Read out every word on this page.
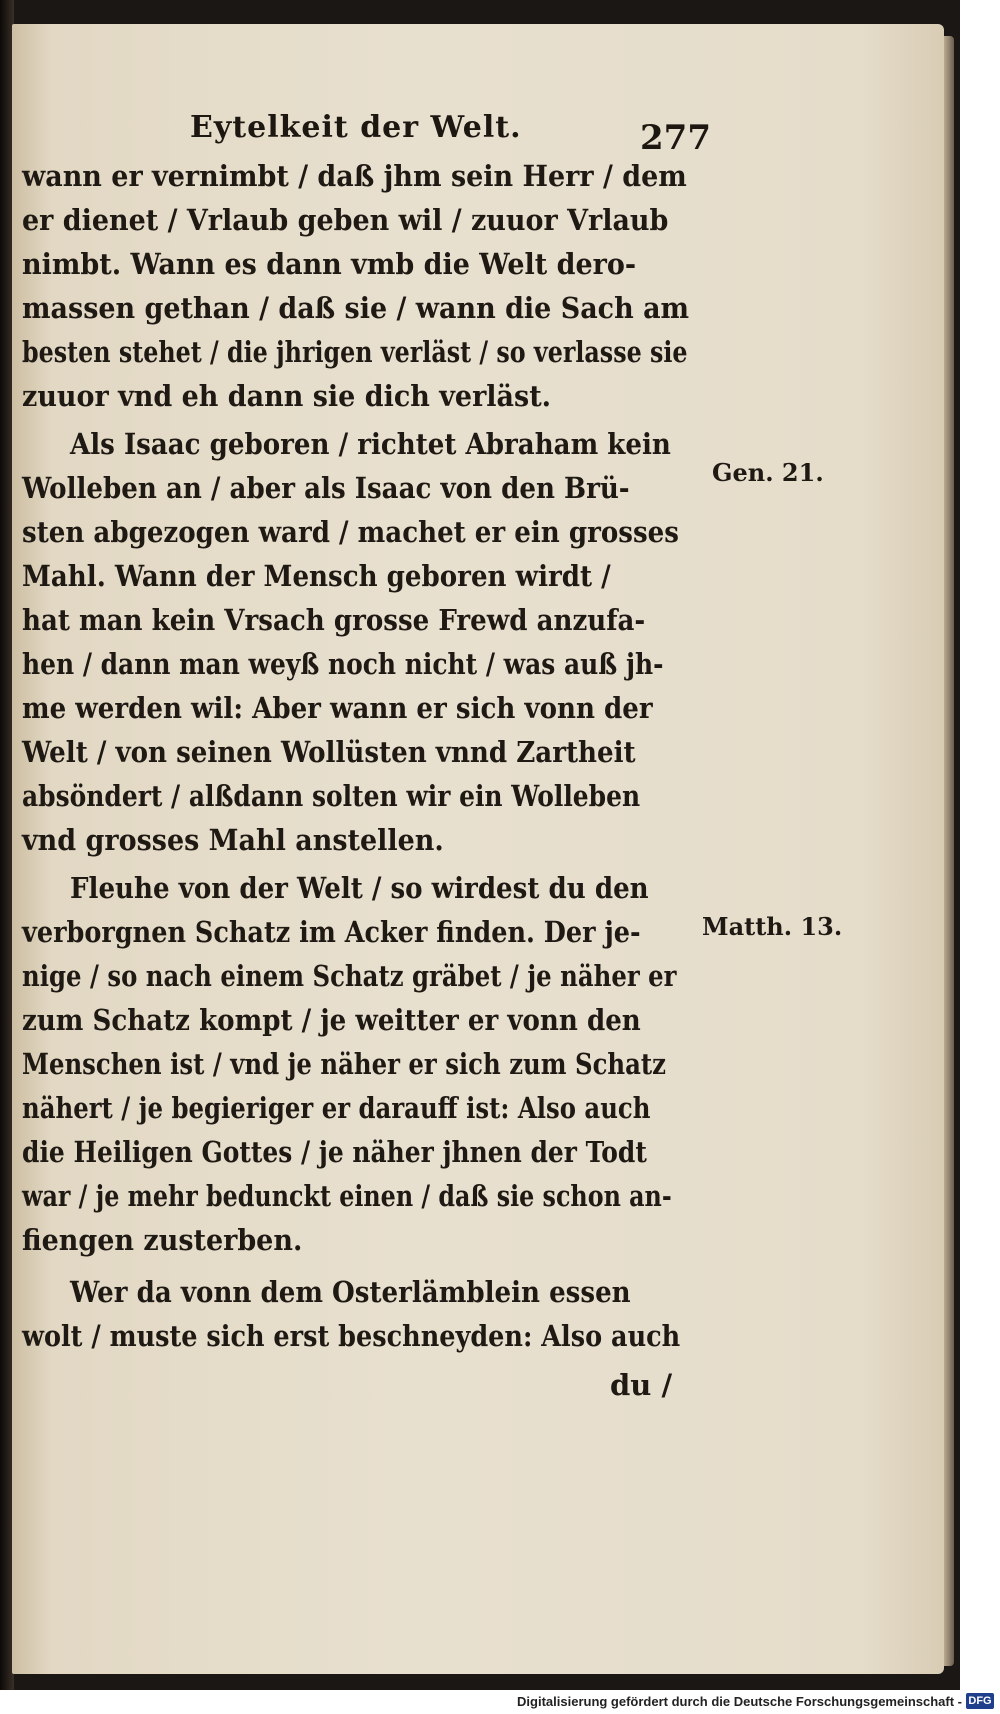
Eytelkeit der Welt.	277
wann er vernimbt / daß jhm sein Herr / dem
er dienet / Vrlaub geben wil / zuuor Vrlaub
nimbt. Wann es dann vmb die Welt dero-
massen gethan / daß sie / wann die Sach am
besten stehet / die jhrigen verläst / so verlasse sie
zuuor vnd eh dann sie dich verläst.
Als Isaac geboren / richtet Abraham kein
Wolleben an / aber als Isaac von den Brü-
sten abgezogen ward / machet er ein grosses
Mahl. Wann der Mensch geboren wirdt /
hat man kein Vrsach grosse Frewd anzufa-
hen / dann man weyß noch nicht / was auß jh-
me werden wil: Aber wann er sich vonn der
Welt / von seinen Wollüsten vnnd Zartheit
absöndert / alßdann solten wir ein Wolleben
vnd grosses Mahl anstellen.
Fleuhe von der Welt / so wirdest du den
verborgnen Schatz im Acker finden. Der je-
nige / so nach einem Schatz gräbet / je näher er
zum Schatz kompt / je weitter er vonn den
Menschen ist / vnd je näher er sich zum Schatz
nähert / je begieriger er darauff ist: Also auch
die Heiligen Gottes / je näher jhnen der Todt
war / je mehr bedunckt einen / daß sie schon an-
fiengen zusterben.
Wer da vonn dem Osterlämblein essen
wolt / muste sich erst beschneyden: Also auch
du /
Gen. 21.
Matth. 13.
Digitalisierung gefördert durch die Deutsche Forschungsgemeinschaft - DFG
